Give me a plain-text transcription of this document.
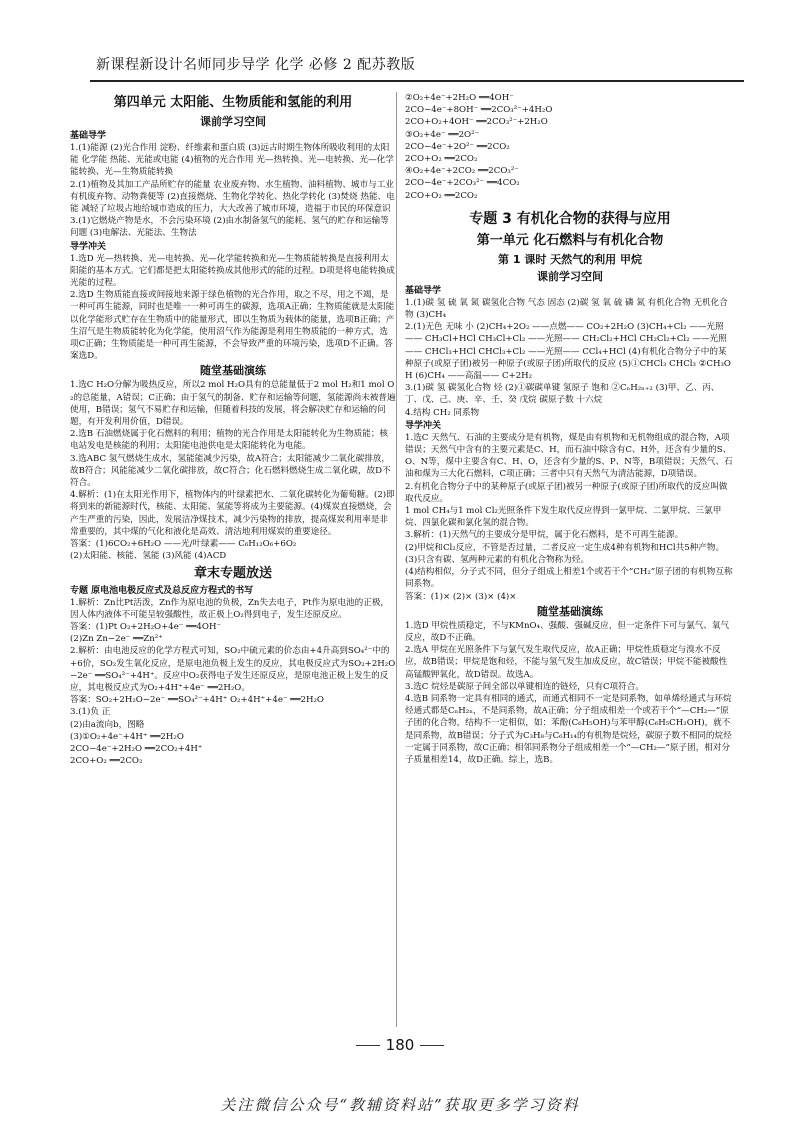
新课程新设计名师同步导学 化学 必修 2 配苏教版
第四单元 太阳能、生物质能和氢能的利用
课前学习空间
基础导学

1.(1)能源 (2)光合作用 淀粉、纤维素和蛋白质 (3)远古时期生物体所吸收利用的太阳能 化学能 热能、光能或电能 (4)植物的光合作用 光—热转换、光—电转换、光—化学能转换、光—生物质能转换

2.(1)植物及其加工产品所贮存的能量 农业废弃物、水生植物、油料植物、城市与工业有机废弃物、动物粪便等 (2)直接燃烧、生物化学转化、热化学转化 (3)焚烧 热能、电能 减轻了垃圾占地给城市造成的压力，大大改善了城市环境，造福于市民的环保意识

3.(1)它燃烧产物是水，不会污染环境 (2)由水制备氢气的能耗、氢气的贮存和运输等问题 (3)电解法、光能法、生物法

导学冲关

1.选D 光—热转换、光—电转换、光—化学能转换和光—生物质能转换是直接利用太阳能的基本方式。它们都是把太阳能转换成其他形式的能的过程。D项是将电能转换成光能的过程。

2.选D 生物质能直接或间接地来源于绿色植物的光合作用，取之不尽，用之不竭，是一种可再生能源，同时也是唯一一种可再生的碳源，选项A正确；生物质能就是太阳能以化学能形式贮存在生物质中的能量形式，即以生物质为载体的能量，选项B正确；产生沼气是生物质能转化为化学能，使用沼气作为能源是利用生物质能的一种方式，选项C正确；生物质能是一种可再生能源，不会导致严重的环境污染，选项D不正确。答案选D。

随堂基础演练

1.选C H₂O分解为吸热反应，所以2 mol H₂O具有的总能量低于2 mol H₂和1 mol O₂的总能量，A错误；C正确；由于氢气的制备、贮存和运输等问题，氢能源尚未被普遍使用，B错误；氢气不易贮存和运输，但随着科技的发展，将会解决贮存和运输的问题，有开发利用价值，D错误。

2.选B 石油燃烧属于化石燃料的利用；植物的光合作用是太阳能转化为生物质能；核电站发电是核能的利用；太阳能电池供电是太阳能转化为电能。

3.选ABC 氢气燃烧生成水，氢能能减少污染，故A符合；太阳能减少二氧化碳排放，故B符合；风能能减少二氧化碳排放，故C符合；化石燃料燃烧生成二氧化碳，故D不符合。

4.解析：(1)在太阳光作用下，植物体内的叶绿素把水、二氧化碳转化为葡萄糖。(2)即将到来的新能源时代，核能、太阳能、氢能等将成为主要能源。(4)煤炭直接燃烧，会产生严重的污染，因此，发展洁净煤技术，减少污染物的排放，提高煤炭利用率是非常重要的，其中煤的气化和液化是高效、清洁地利用煤炭的重要途径。

答案：(1)6CO₂+6H₂O ——光/叶绿素—— C₆H₁₂O₆+6O₂

(2)太阳能、核能、氢能 (3)风能 (4)ACD

章末专题放送
专题 原电池电极反应式及总反应方程式的书写

1.解析：Zn比Pt活泼，Zn作为原电池的负极，Zn失去电子，Pt作为原电池的正极，因人体内液体不可能呈较强酸性，故正极上O₂得到电子，发生还原反应。

答案：(1)Pt O₂+2H₂O+4e⁻ ══4OH⁻

(2)Zn Zn−2e⁻ ══Zn²⁺

2.解析：由电池反应的化学方程式可知，SO₂中硫元素的价态由+4升高到SO₄²⁻中的+6价，SO₂发生氧化反应，是原电池负极上发生的反应，其电极反应式为SO₂+2H₂O−2e⁻ ══SO₄²⁻+4H⁺。反应中O₂获得电子发生还原反应，是原电池正极上发生的反应，其电极反应式为O₂+4H⁺+4e⁻ ══2H₂O。

答案：SO₂+2H₂O−2e⁻ ══SO₄²⁻+4H⁺ O₂+4H⁺+4e⁻ ══2H₂O

3.(1)负 正

(2)由a流向b，图略

(3)①O₂+4e⁻+4H⁺ ══2H₂O

2CO−4e⁻+2H₂O ══2CO₂+4H⁺

2CO+O₂ ══2CO₂

②O₂+4e⁻+2H₂O ══4OH⁻

2CO−4e⁻+8OH⁻ ══2CO₃²⁻+4H₂O

2CO+O₂+4OH⁻ ══2CO₃²⁻+2H₂O

③O₂+4e⁻ ══2O²⁻

2CO−4e⁻+2O²⁻ ══2CO₂

2CO+O₂ ══2CO₂

④O₂+4e⁻+2CO₂ ══2CO₃²⁻

2CO−4e⁻+2CO₃²⁻ ══4CO₂

2CO+O₂ ══2CO₂

专题 3 有机化合物的获得与应用
第一单元 化石燃料与有机化合物
第 1 课时 天然气的利用 甲烷
课前学习空间
基础导学

1.(1)碳 氢 硫 氧 氮 碳氢化合物 气态 固态 (2)碳 氢 氧 硫 磷 氮 有机化合物 无机化合物 (3)CH₄

2.(1)无色 无味 小 (2)CH₄+2O₂ ——点燃—— CO₂+2H₂O (3)CH₄+Cl₂ ——光照—— CH₃Cl+HCl CH₃Cl+Cl₂ ——光照—— CH₂Cl₂+HCl CH₂Cl₂+Cl₂ ——光照—— CHCl₃+HCl CHCl₃+Cl₂ ——光照—— CCl₄+HCl (4)有机化合物分子中的某种原子(或原子团)被另一种原子(或原子团)所取代的反应 (5)①CHCl₃ CHCl₃ ②CH₃OH (6)CH₄ ——高温—— C+2H₂

3.(1)碳 氢 碳氢化合物 烃 (2)①碳碳单键 氢原子 饱和 ②CₙH₂ₙ₊₂ (3)甲、乙、丙、丁、戊、己、庚、辛、壬、癸 戊烷 碳原子数 十六烷

4.结构 CH₂ 同系物

导学冲关

1.选C 天然气、石油的主要成分是有机物，煤是由有机物和无机物组成的混合物，A项错误；天然气中含有的主要元素是C、H，而石油中除含有C、H外，还含有少量的S、O、N等，煤中主要含有C、H、O，还含有少量的S、P、N等，B项错误；天然气、石油和煤为三大化石燃料，C项正确；三者中只有天然气为清洁能源，D项错误。

2.有机化合物分子中的某种原子(或原子团)被另一种原子(或原子团)所取代的反应叫做取代反应。

1 mol CH₄与1 mol Cl₂光照条件下发生取代反应得到一氯甲烷、二氯甲烷、三氯甲烷、四氯化碳和氯化氢的混合物。

3.解析：(1)天然气的主要成分是甲烷，属于化石燃料，是不可再生能源。

(2)甲烷和Cl₂反应，不管是否过量，二者反应一定生成4种有机物和HCl共5种产物。

(3)只含有碳、氢两种元素的有机化合物称为烃。

(4)结构相似，分子式不同，但分子组成上相差1个或若干个“CH₂”原子团的有机物互称同系物。

答案：(1)× (2)× (3)× (4)×

随堂基础演练

1.选D 甲烷性质稳定，不与KMnO₄、强酸、强碱反应，但一定条件下可与氯气、氧气反应，故D不正确。

2.选A 甲烷在光照条件下与氯气发生取代反应，故A正确；甲烷性质稳定与溴水不反应，故B错误；甲烷是饱和烃，不能与氢气发生加成反应，故C错误；甲烷不能被酸性高锰酸钾氧化，故D错误。故选A。

3.选C 烷烃是碳原子间全部以单键相连的链烃，只有C项符合。

4.选B 同系物一定具有相同的通式，而通式相同不一定是同系物，如单烯烃通式与环烷烃通式都是CₙH₂ₙ，不是同系物，故A正确；分子组成相差一个或若干个“—CH₂—”原子团的化合物，结构不一定相似，如：苯酚(C₆H₅OH)与苯甲醇(C₆H₅CH₂OH)，就不是同系物，故B错误；分子式为C₃H₈与C₆H₁₄的有机物是烷烃，碳原子数不相同的烷烃一定属于同系物，故C正确；相邻同系物分子组成相差一个“—CH₂—”原子团，相对分子质量相差14，故D正确。综上，选B。

180
关注微信公众号“教辅资料站”获取更多学习资料
